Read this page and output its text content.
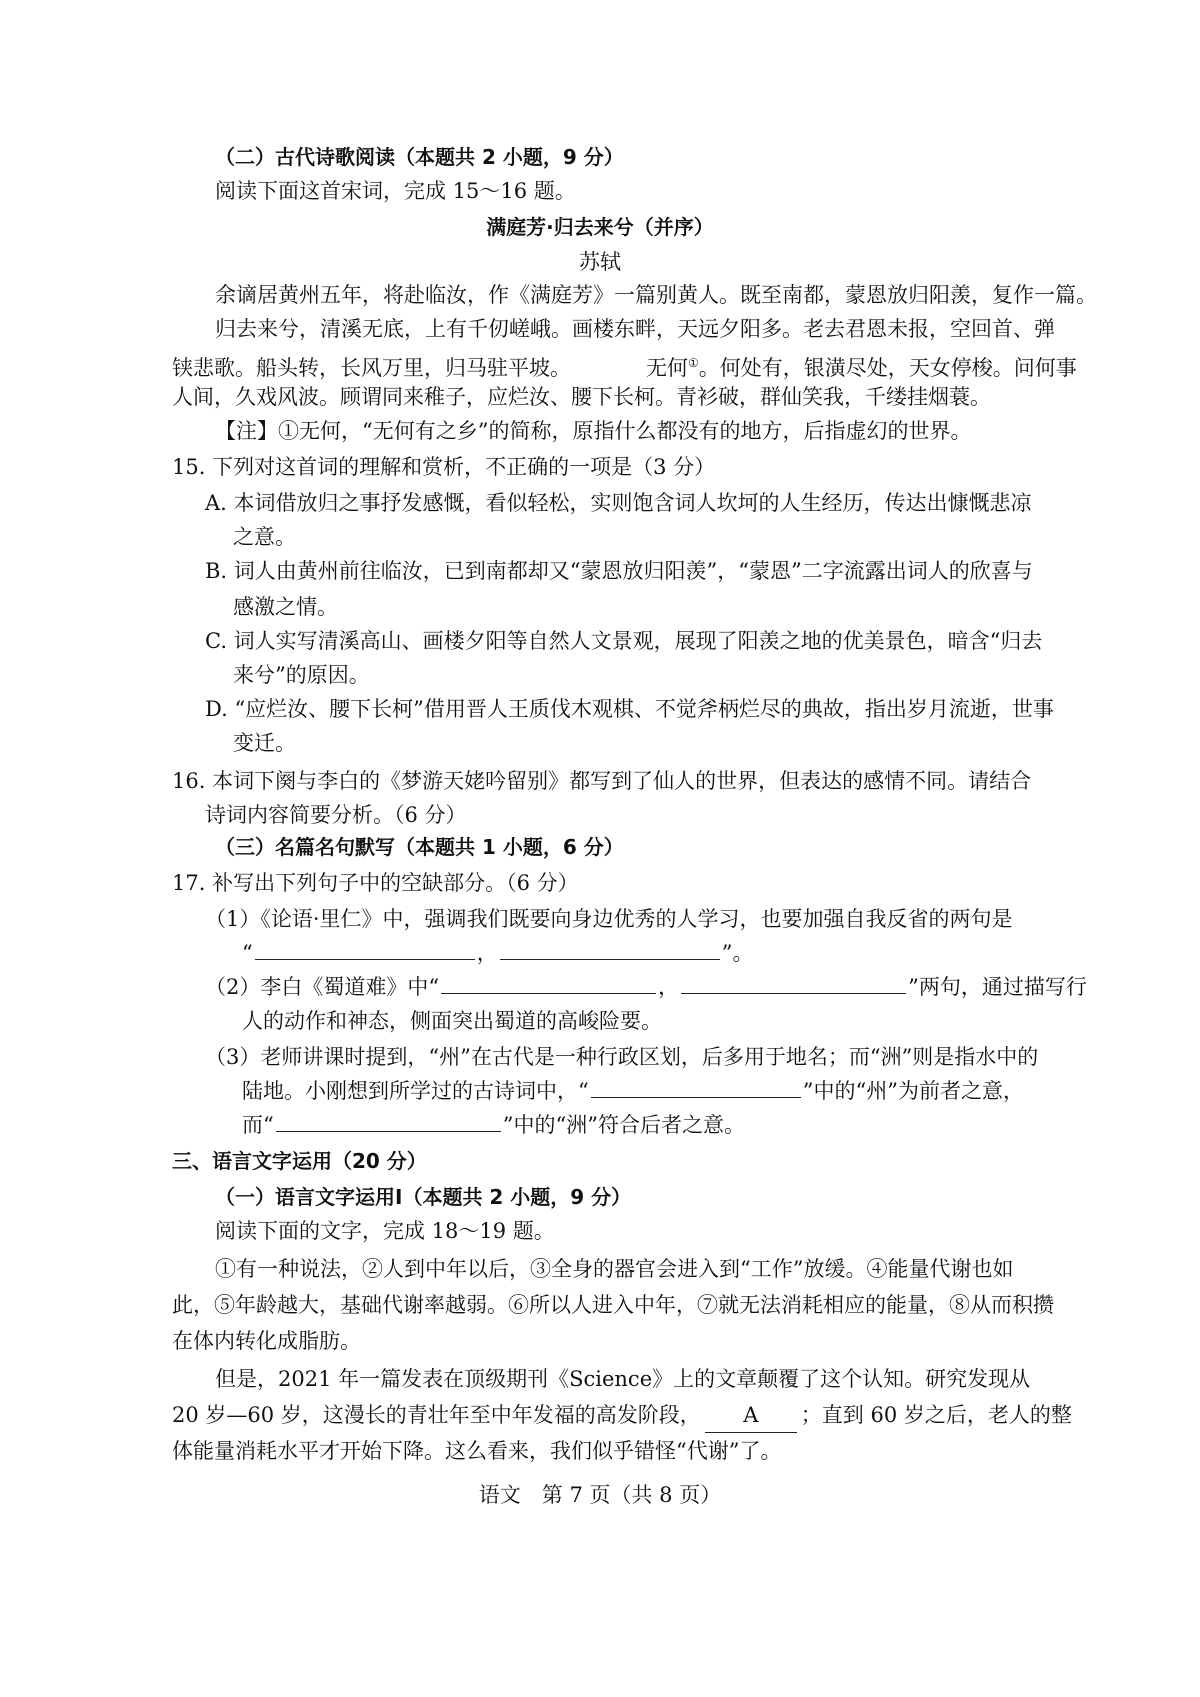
（二）古代诗歌阅读（本题共 2 小题，9 分）
阅读下面这首宋词，完成 15～16 题。
满庭芳·归去来兮（并序）
苏轼
余谪居黄州五年，将赴临汝，作《满庭芳》一篇别黄人。既至南都，蒙恩放归阳羡，复作一篇。
归去来兮，清溪无底，上有千仞嵯峨。画楼东畔，天远夕阳多。老去君恩未报，空回首、弹
铗悲歌。船头转，长风万里，归马驻平坡。	无何①。何处有，银潢尽处，天女停梭。问何事
人间，久戏风波。顾谓同来稚子，应烂汝、腰下长柯。青衫破，群仙笑我，千缕挂烟蓑。
【注】①无何，“无何有之乡”的简称，原指什么都没有的地方，后指虚幻的世界。
15. 下列对这首词的理解和赏析，不正确的一项是（3 分）
A. 本词借放归之事抒发感慨，看似轻松，实则饱含词人坎坷的人生经历，传达出慷慨悲凉
之意。
B. 词人由黄州前往临汝，已到南都却又“蒙恩放归阳羡”，“蒙恩”二字流露出词人的欣喜与
感激之情。
C. 词人实写清溪高山、画楼夕阳等自然人文景观，展现了阳羡之地的优美景色，暗含“归去
来兮”的原因。
D. “应烂汝、腰下长柯”借用晋人王质伐木观棋、不觉斧柄烂尽的典故，指出岁月流逝，世事
变迁。
16. 本词下阕与李白的《梦游天姥吟留别》都写到了仙人的世界，但表达的感情不同。请结合
诗词内容简要分析。（6 分）
（三）名篇名句默写（本题共 1 小题，6 分）
17. 补写出下列句子中的空缺部分。（6 分）
（1）《论语·里仁》中，强调我们既要向身边优秀的人学习，也要加强自我反省的两句是
“	，	”。
（2）李白《蜀道难》中“	，	”两句，通过描写行
人的动作和神态，侧面突出蜀道的高峻险要。
（3）老师讲课时提到，“州”在古代是一种行政区划，后多用于地名；而“洲”则是指水中的
陆地。小刚想到所学过的古诗词中，“	”中的“州”为前者之意，
而“	”中的“洲”符合后者之意。
三、语言文字运用（20 分）
（一）语言文字运用Ⅰ（本题共 2 小题，9 分）
阅读下面的文字，完成 18～19 题。
①有一种说法，②人到中年以后，③全身的器官会进入到“工作”放缓。④能量代谢也如
此，⑤年龄越大，基础代谢率越弱。⑥所以人进入中年，⑦就无法消耗相应的能量，⑧从而积攒
在体内转化成脂肪。
但是，2021 年一篇发表在顶级期刊《Science》上的文章颠覆了这个认知。研究发现从
20 岁—60 岁，这漫长的青壮年至中年发福的高发阶段， A ；直到 60 岁之后，老人的整
体能量消耗水平才开始下降。这么看来，我们似乎错怪“代谢”了。
语文　第 7 页（共 8 页）
